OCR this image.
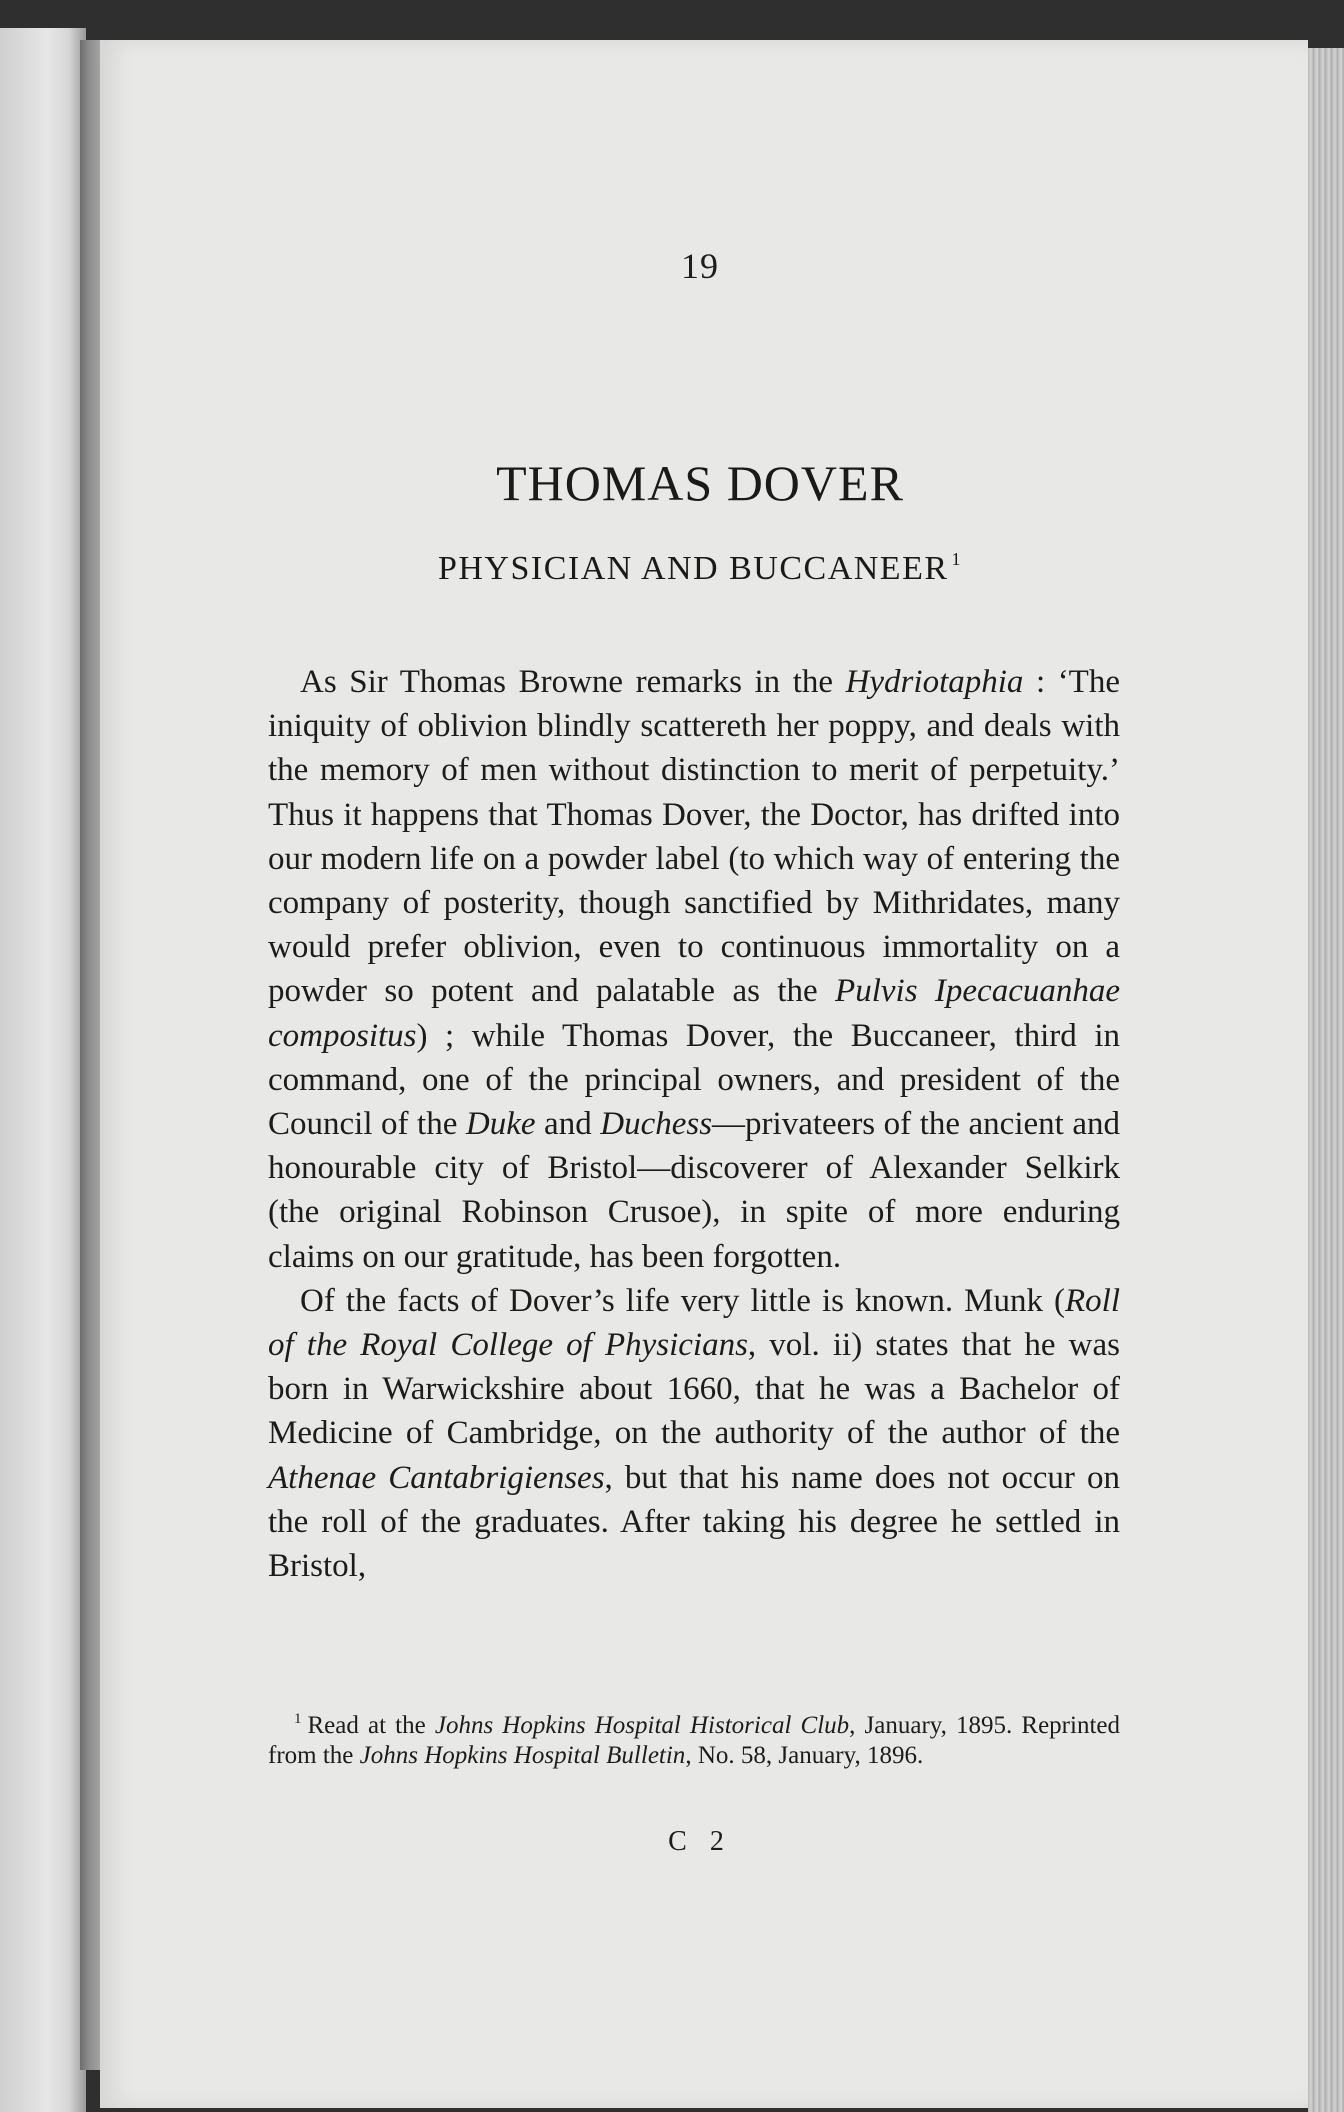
19
THOMAS DOVER
PHYSICIAN AND BUCCANEER $^1$

As Sir Thomas Browne remarks in the Hydriotaphia : ‘The iniquity of oblivion blindly scattereth her poppy, and deals with the memory of men without distinction to merit of perpetuity.’ Thus it happens that Thomas Dover, the Doctor, has drifted into our modern life on a powder label (to which way of entering the company of posterity, though sanctified by Mithridates, many would prefer oblivion, even to continuous immortality on a powder so potent and palatable as the Pulvis Ipecacuanhae compositus) ; while Thomas Dover, the Buccaneer, third in command, one of the principal owners, and president of the Council of the Duke and Duchess—privateers of the ancient and honourable city of Bristol—discoverer of Alexander Selkirk (the original Robinson Crusoe), in spite of more enduring claims on our gratitude, has been forgotten.

Of the facts of Dover’s life very little is known. Munk (Roll of the Royal College of Physicians, vol. ii) states that he was born in Warwickshire about 1660, that he was a Bachelor of Medicine of Cambridge, on the authority of the author of the Athenae Cantabrigienses, but that his name does not occur on the roll of the graduates. After taking his degree he settled in Bristol,

$^1$ Read at the Johns Hopkins Hospital Historical Club, January, 1895. Reprinted from the Johns Hopkins Hospital Bulletin, No. 58, January, 1896.

C 2
